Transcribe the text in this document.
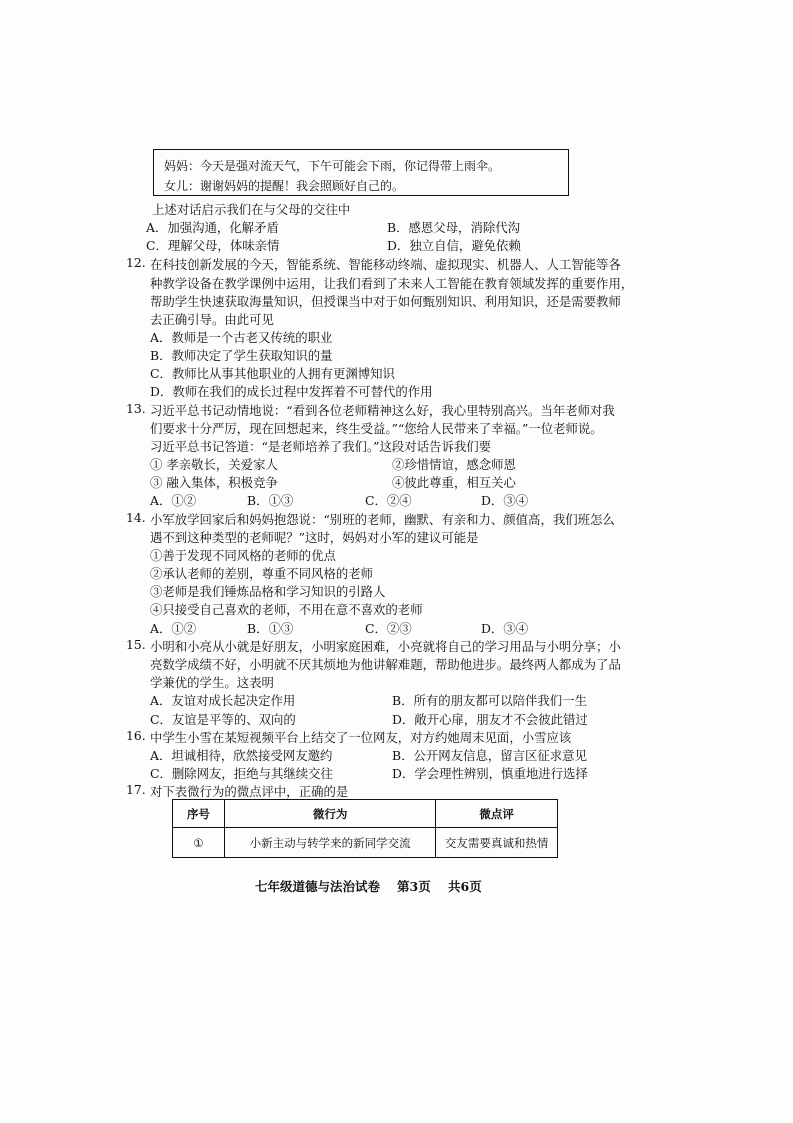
妈妈：今天是强对流天气，下午可能会下雨，你记得带上雨伞。
女儿：谢谢妈妈的提醒！我会照顾好自己的。
上述对话启示我们在与父母的交往中
A．加强沟通，化解矛盾	B．感恩父母，消除代沟
C．理解父母，体味亲情	D．独立自信，避免依赖
12. 在科技创新发展的今天，智能系统、智能移动终端、虚拟现实、机器人、人工智能等各
种教学设备在教学课例中运用，让我们看到了未来人工智能在教育领域发挥的重要作用，
帮助学生快速获取海量知识，但授课当中对于如何甄别知识、利用知识，还是需要教师
去正确引导。由此可见
A．教师是一个古老又传统的职业
B．教师决定了学生获取知识的量
C．教师比从事其他职业的人拥有更渊博知识
D．教师在我们的成长过程中发挥着不可替代的作用
13. 习近平总书记动情地说：“看到各位老师精神这么好，我心里特别高兴。当年老师对我
们要求十分严厉，现在回想起来，终生受益。”“您给人民带来了幸福。”一位老师说。
习近平总书记答道：“是老师培养了我们。”这段对话告诉我们要
① 孝亲敬长，关爱家人	②珍惜情谊，感念师恩
③ 融入集体，积极竞争	④彼此尊重，相互关心
A．①②	B．①③	C．②④	D．③④
14. 小军放学回家后和妈妈抱怨说：“别班的老师，幽默、有亲和力、颜值高，我们班怎么
遇不到这种类型的老师呢？”这时，妈妈对小军的建议可能是
①善于发现不同风格的老师的优点
②承认老师的差别，尊重不同风格的老师
③老师是我们锤炼品格和学习知识的引路人
④只接受自己喜欢的老师，不用在意不喜欢的老师
A．①②	B．①③	C．②③	D．③④
15. 小明和小亮从小就是好朋友，小明家庭困难，小亮就将自己的学习用品与小明分享；小
亮数学成绩不好，小明就不厌其烦地为他讲解难题，帮助他进步。最终两人都成为了品
学兼优的学生。这表明
A．友谊对成长起决定作用	B．所有的朋友都可以陪伴我们一生
C．友谊是平等的、双向的	D．敞开心扉，朋友才不会彼此错过
16. 中学生小雪在某短视频平台上结交了一位网友，对方约她周末见面，小雪应该
A．坦诚相待，欣然接受网友邀约	B．公开网友信息，留言区征求意见
C．删除网友，拒绝与其继续交往	D．学会理性辨别，慎重地进行选择
17. 对下表微行为的微点评中，正确的是
序号	微行为	微点评
①	小新主动与转学来的新同学交流	交友需要真诚和热情
七年级道德与法治试卷 第3页 共6页
